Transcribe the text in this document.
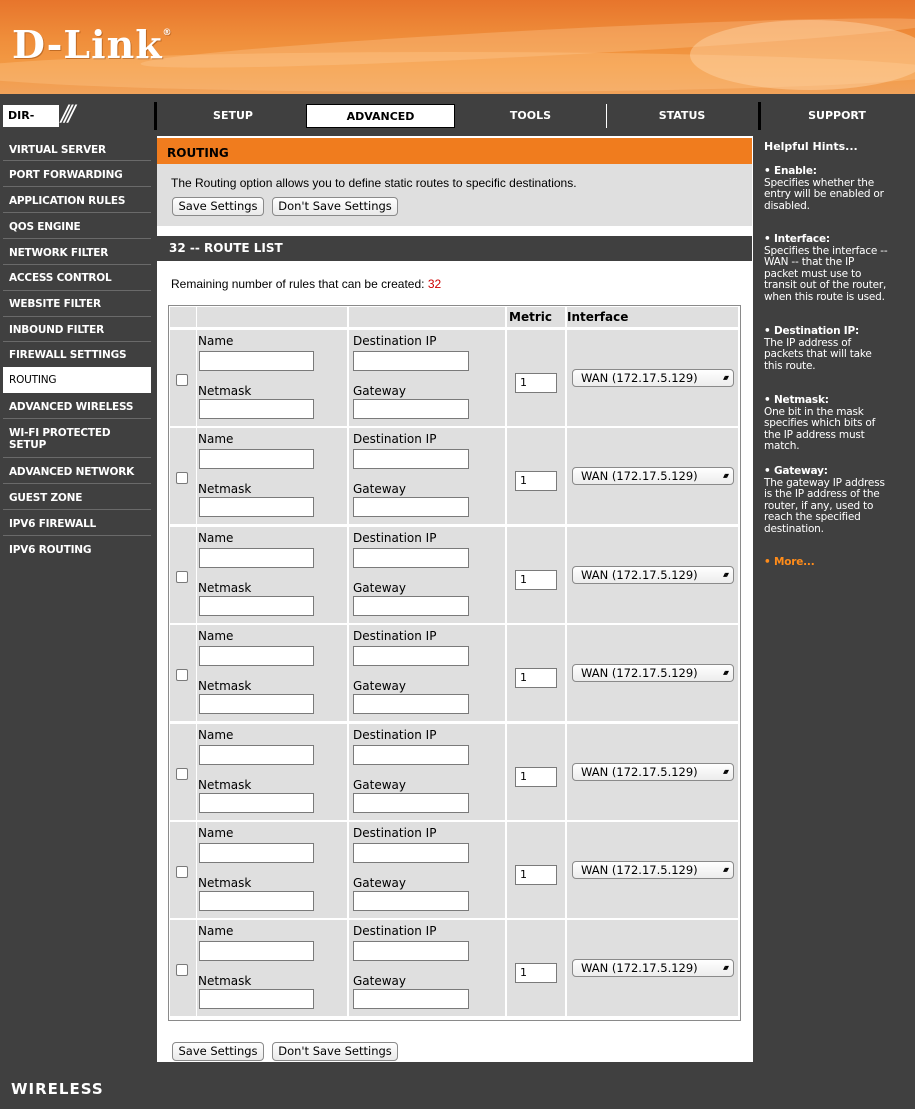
D-Link®
DIR-	///	SETUP	ADVANCED	TOOLS	STATUS	SUPPORT
VIRTUAL SERVER
PORT FORWARDING
APPLICATION RULES
QOS ENGINE
NETWORK FILTER
ACCESS CONTROL
WEBSITE FILTER
INBOUND FILTER
FIREWALL SETTINGS
ROUTING
ADVANCED WIRELESS
WI-FI PROTECTED
SETUP
ADVANCED NETWORK
GUEST ZONE
IPV6 FIREWALL
IPV6 ROUTING
ROUTING
The Routing option allows you to define static routes to specific destinations.
Save Settings	Don't Save Settings
32 -- ROUTE LIST
Remaining number of rules that can be created: 32
Metric Interface
Name	Destination IP
Netmask	Gateway
1	WAN (172.17.5.129)	▴▾
Name	Destination IP
Netmask	Gateway
1	WAN (172.17.5.129)	▴▾
Name	Destination IP
Netmask	Gateway
1	WAN (172.17.5.129)	▴▾
Name	Destination IP
Netmask	Gateway
1	WAN (172.17.5.129)	▴▾
Name	Destination IP
Netmask	Gateway
1	WAN (172.17.5.129)	▴▾
Name	Destination IP
Netmask	Gateway
1	WAN (172.17.5.129)	▴▾
Name	Destination IP
Netmask	Gateway
1	WAN (172.17.5.129)	▴▾
Save Settings	Don't Save Settings
Helpful Hints...
• Enable:
Specifies whether the
entry will be enabled or
disabled.
• Interface:
Specifies the interface --
WAN -- that the IP
packet must use to
transit out of the router,
when this route is used.
• Destination IP:
The IP address of
packets that will take
this route.
• Netmask:
One bit in the mask
specifies which bits of
the IP address must
match.
• Gateway:
The gateway IP address
is the IP address of the
router, if any, used to
reach the specified
destination.
• More...
WIRELESS
